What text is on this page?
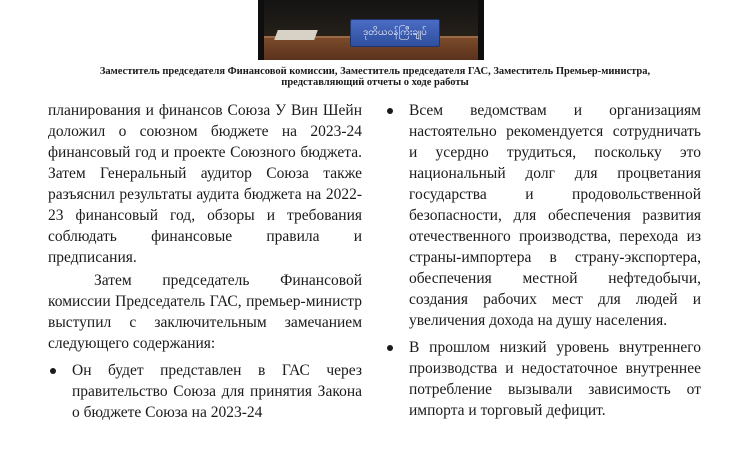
ဒုတိယဝန်ကြီးချုပ်
Заместитель председателя Финансовой комиссии, Заместитель председателя ГАС, Заместитель Премьер-министра, представляющий отчеты о ходе работы

планирования и финансов Союза У Вин Шейн доложил о союзном бюджете на 2023-24 финансовый год и проекте Союзного бюджета. Затем Генеральный аудитор Союза также разъяснил результаты аудита бюджета на 2022-23 финансовый год, обзоры и требования соблюдать финансовые правила и предписания.

Затем председатель Финансовой комиссии Председатель ГАС, премьер-министр выступил с заключительным замечанием следующего содержания:

Он будет представлен в ГАС через правительство Союза для принятия Закона о бюджете Союза на 2023-24
Всем ведомствам и организациям настоятельно рекомендуется сотрудничать и усердно трудиться, поскольку это национальный долг для процветания государства и продовольственной безопасности, для обеспечения развития отечественного производства, перехода из страны-импортера в страну-экспортера, обеспечения местной нефтедобычи, создания рабочих мест для людей и увеличения дохода на душу населения.
В прошлом низкий уровень внутреннего производства и недостаточное внутреннее потребление вызывали зависимость от импорта и торговый дефицит.
